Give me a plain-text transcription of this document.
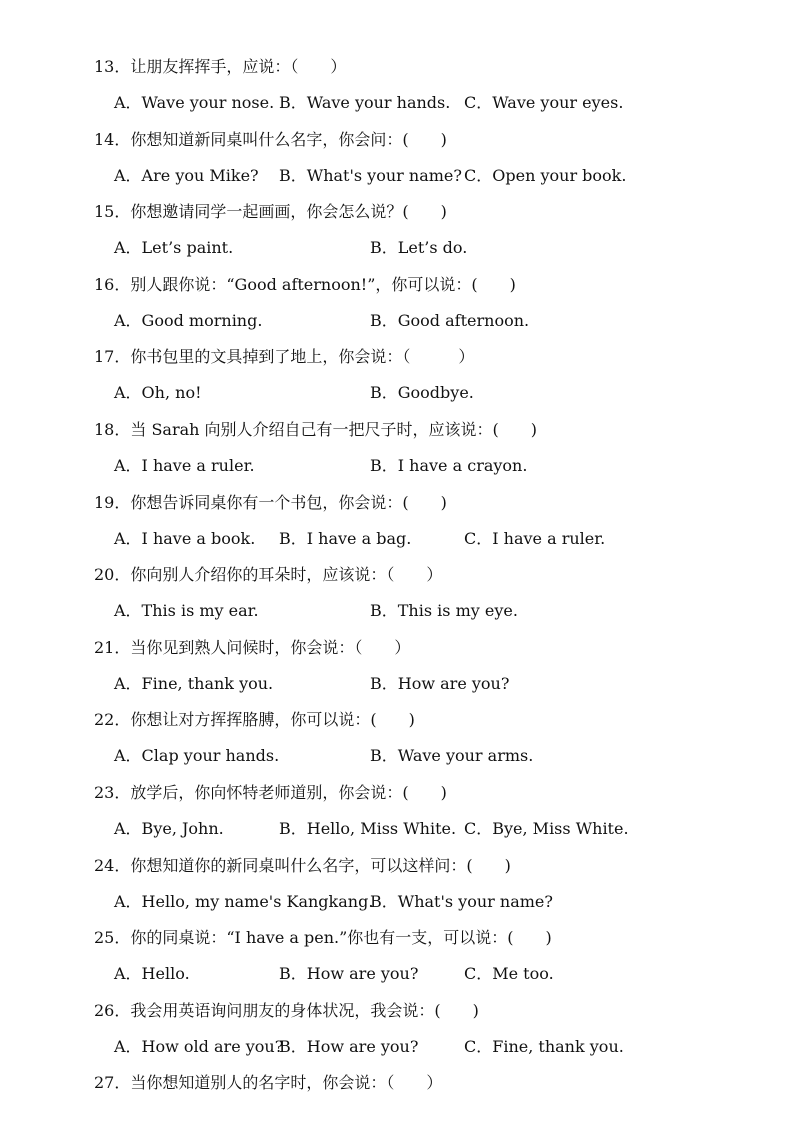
13．让朋友挥挥手，应说：（　　）
A．Wave your nose. B．Wave your hands. C．Wave your eyes.
14．你想知道新同桌叫什么名字，你会问：(　　)
A．Are you Mike? B．What's your name? C．Open your book.
15．你想邀请同学一起画画，你会怎么说？(　　)
A．Let’s paint.	B．Let’s do.
16．别人跟你说：“Good afternoon!”，你可以说：(　　)
A．Good morning.	B．Good afternoon.
17．你书包里的文具掉到了地上，你会说：（　　　）
A．Oh, no!	B．Goodbye.
18．当 Sarah 向别人介绍自己有一把尺子时，应该说：(　　)
A．I have a ruler.	B．I have a crayon.
19．你想告诉同桌你有一个书包，你会说：(　　)
A．I have a book. B．I have a bag.	C．I have a ruler.
20．你向别人介绍你的耳朵时，应该说：（　　）
A．This is my ear.	B．This is my eye.
21．当你见到熟人问候时，你会说：（　　）
A．Fine, thank you.	B．How are you?
22．你想让对方挥挥胳膊，你可以说：(　　)
A．Clap your hands.	B．Wave your arms.
23．放学后，你向怀特老师道别，你会说：(　　)
A．Bye, John.	B．Hello, Miss White. C．Bye, Miss White.
24．你想知道你的新同桌叫什么名字，可以这样问：(　　)
A．Hello, my name's Kangkang.
B．What's your name?
25．你的同桌说：“I have a pen.”你也有一支，可以说：(　　)
A．Hello.	B．How are you?	C．Me too.
26．我会用英语询问朋友的身体状况，我会说：(　　)
A．How old are you?
B．How are you?	C．Fine, thank you.
27．当你想知道别人的名字时，你会说：（　　）
